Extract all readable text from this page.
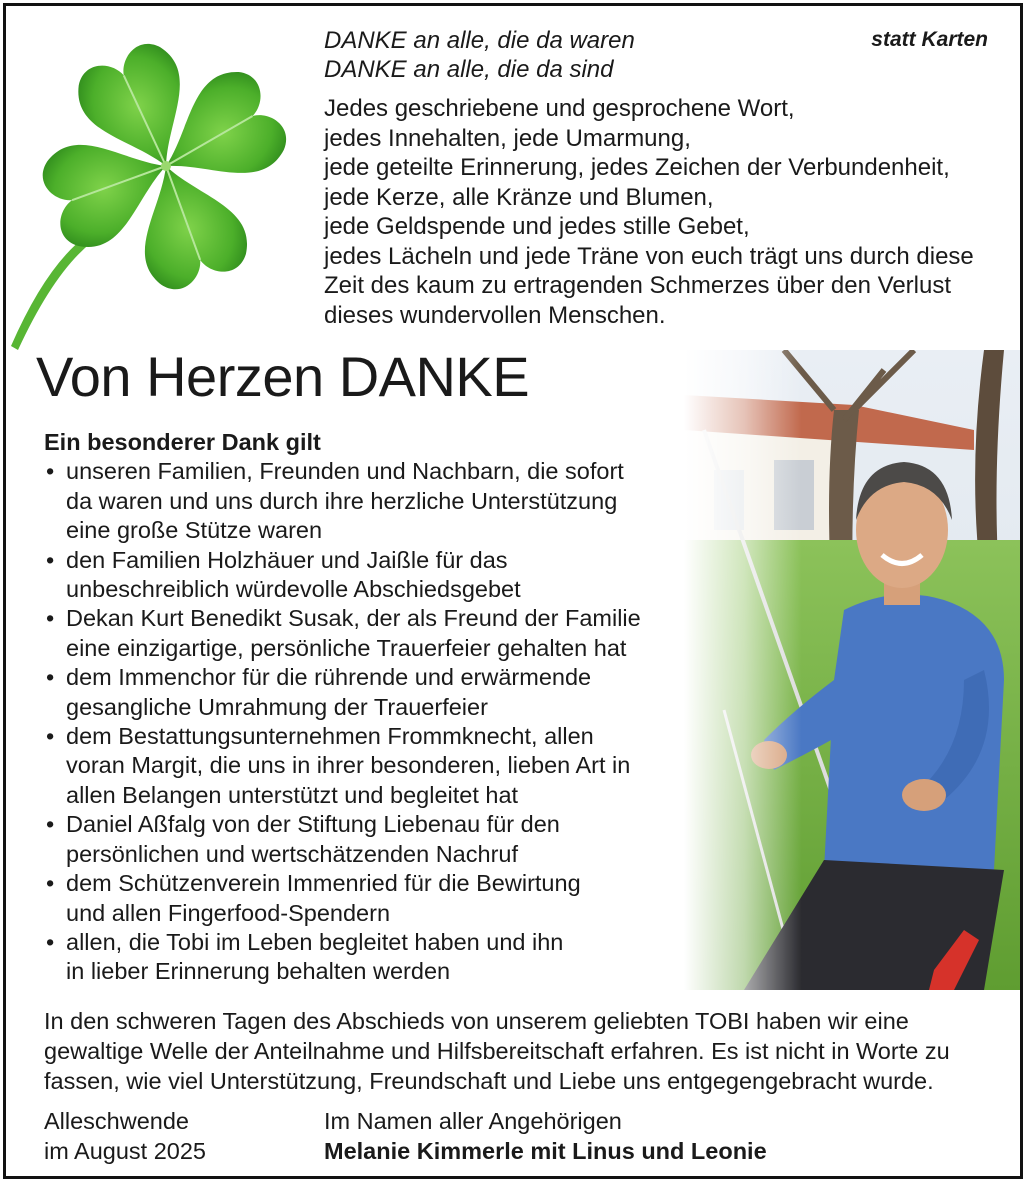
DANKE an alle, die da waren

DANKE an alle, die da sind

statt Karten
Jedes geschriebene und gesprochene Wort,
jedes Innehalten, jede Umarmung,
jede geteilte Erinnerung, jedes Zeichen der Verbundenheit,
jede Kerze, alle Kränze und Blumen,
jede Geldspende und jedes stille Gebet,
jedes Lächeln und jede Träne von euch trägt uns durch diese
Zeit des kaum zu ertragenden Schmerzes über den Verlust
dieses wundervollen Menschen.
Von Herzen DANKE

Ein besonderer Dank gilt

• unseren Familien, Freunden und Nachbarn, die sofort
da waren und uns durch ihre herzliche Unterstützung
eine große Stütze waren
• den Familien Holzhäuer und Jaißle für das
unbeschreiblich würdevolle Abschiedsgebet
• Dekan Kurt Benedikt Susak, der als Freund der Familie
eine einzigartige, persönliche Trauerfeier gehalten hat
• dem Immenchor für die rührende und erwärmende
gesangliche Umrahmung der Trauerfeier
• dem Bestattungsunternehmen Frommknecht, allen
voran Margit, die uns in ihrer besonderen, lieben Art in
allen Belangen unterstützt und begleitet hat
• Daniel Aßfalg von der Stiftung Liebenau für den
persönlichen und wertschätzenden Nachruf
• dem Schützenverein Immenried für die Bewirtung
und allen Fingerfood-Spendern
• allen, die Tobi im Leben begleitet haben und ihn
in lieber Erinnerung behalten werden
In den schweren Tagen des Abschieds von unserem geliebten TOBI haben wir eine
gewaltige Welle der Anteilnahme und Hilfsbereitschaft erfahren. Es ist nicht in Worte zu
fassen, wie viel Unterstützung, Freundschaft und Liebe uns entgegengebracht wurde.
Alleschwende
im August 2025
Im Namen aller Angehörigen
Melanie Kimmerle mit Linus und Leonie
